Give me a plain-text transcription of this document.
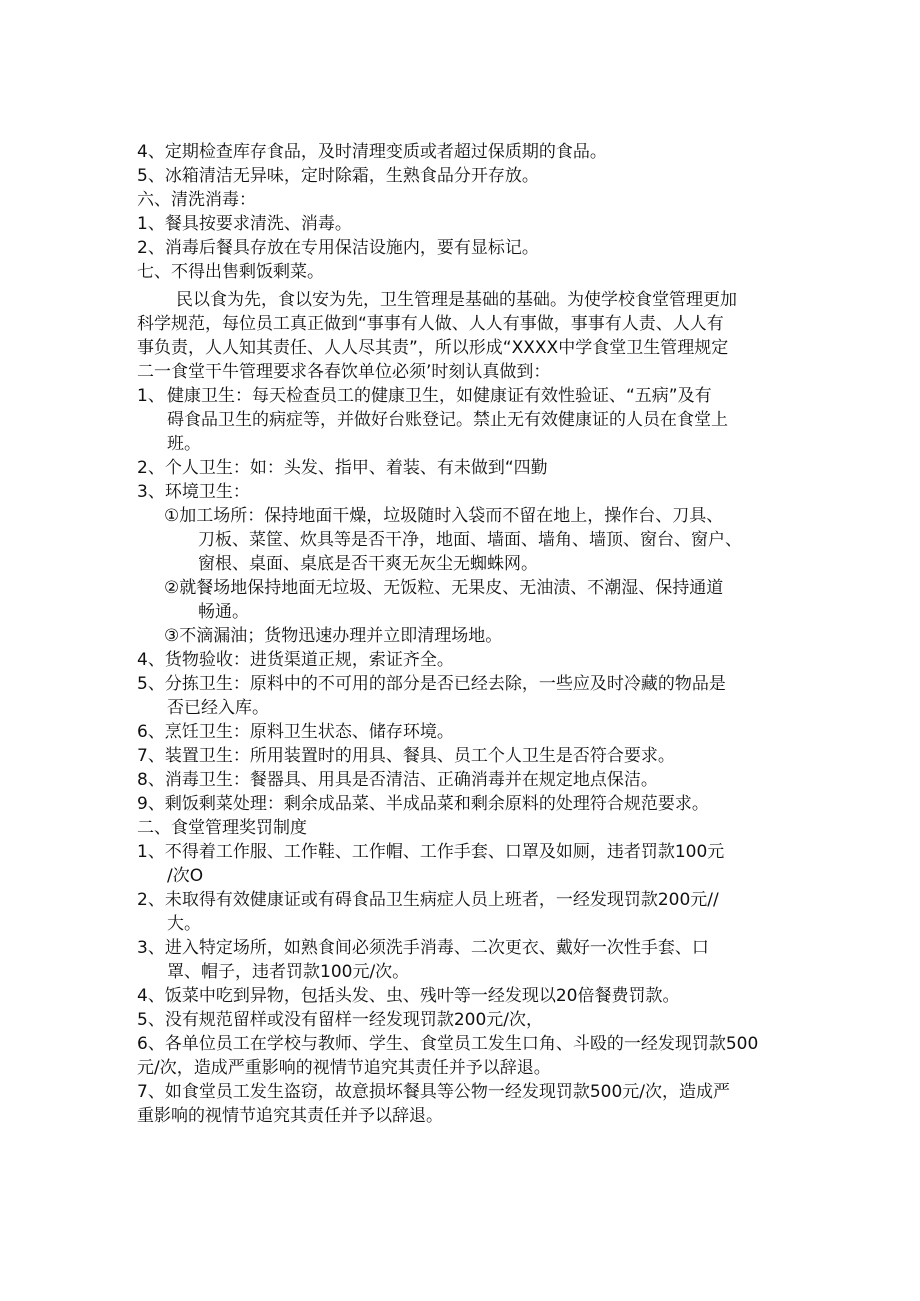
4、定期检查库存食品，及时清理变质或者超过保质期的食品。
5、冰箱清洁无异味，定时除霜，生熟食品分开存放。
六、清洗消毒：
1、餐具按要求清洗、消毒。
2、消毒后餐具存放在专用保洁设施内，要有显标记。
七、不得出售剩饭剩菜。
民以食为先，食以安为先，卫生管理是基础的基础。为使学校食堂管理更加
科学规范，每位员工真正做到“事事有人做、人人有事做，事事有人责、人人有
事负责，人人知其责任、人人尽其责”，所以形成“XXXX中学食堂卫生管理规定
二一食堂干牛管理要求各春饮单位必须’时刻认真做到：
1、 健康卫生：每天检查员工的健康卫生，如健康证有效性验证、“五病”及有
碍食品卫生的病症等，并做好台账登记。禁止无有效健康证的人员在食堂上
班。
2、个人卫生：如：头发、指甲、着装、有未做到“四勤
3、环境卫生：
①加工场所：保持地面干燥，垃圾随时入袋而不留在地上，操作台、刀具、
刀板、菜筐、炊具等是否干净，地面、墙面、墙角、墙顶、窗台、窗户、
窗根、桌面、桌底是否干爽无灰尘无蜘蛛网。
②就餐场地保持地面无垃圾、无饭粒、无果皮、无油渍、不潮湿、保持通道
畅通。
③不滴漏油；货物迅速办理并立即清理场地。
4、货物验收：进货渠道正规，索证齐全。
5、分拣卫生：原料中的不可用的部分是否已经去除，一些应及时冷藏的物品是
否已经入库。
6、烹饪卫生：原料卫生状态、储存环境。
7、装置卫生：所用装置时的用具、餐具、员工个人卫生是否符合要求。
8、消毒卫生：餐器具、用具是否清洁、正确消毒并在规定地点保洁。
9、剩饭剩菜处理：剩余成品菜、半成品菜和剩余原料的处理符合规范要求。
二、食堂管理奖罚制度
1、不得着工作服、工作鞋、工作帽、工作手套、口罩及如厕，违者罚款100元
/次O
2、未取得有效健康证或有碍食品卫生病症人员上班者，一经发现罚款200元//
大。
3、进入特定场所，如熟食间必须洗手消毒、二次更衣、戴好一次性手套、口
罩、帽子，违者罚款100元/次。
4、饭菜中吃到异物，包括头发、虫、残叶等一经发现以20倍餐费罚款。
5、没有规范留样或没有留样一经发现罚款200元/次，
6、各单位员工在学校与教师、学生、食堂员工发生口角、斗殴的一经发现罚款500
元/次，造成严重影响的视情节追究其责任并予以辞退。
7、如食堂员工发生盗窃，故意损坏餐具等公物一经发现罚款500元/次，造成严
重影响的视情节追究其责任并予以辞退。
